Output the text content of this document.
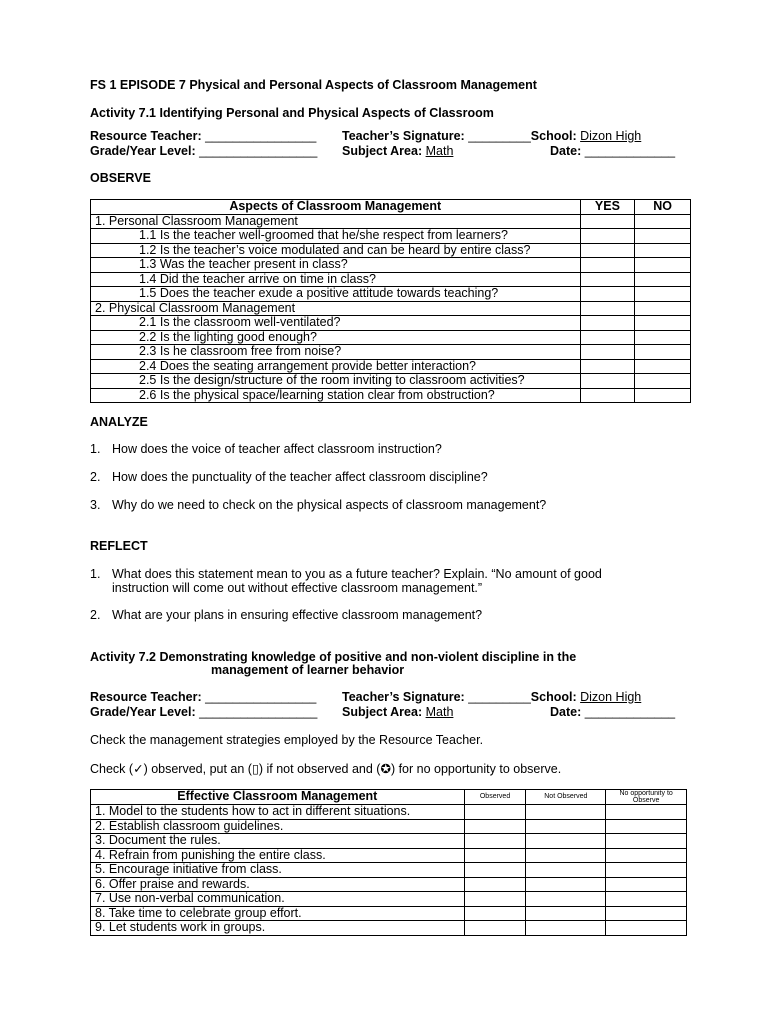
FS 1 EPISODE 7 Physical and Personal Aspects of Classroom Management
Activity 7.1 Identifying Personal and Physical Aspects of Classroom
Resource Teacher: ________________ Teacher’s Signature: _________School: Dizon High
Grade/Year Level: _________________ Subject Area: Math	Date: _____________
OBSERVE
Aspects of Classroom Management	YES	NO
1. Personal Classroom Management		
1.1 Is the teacher well-groomed that he/she respect from learners?		
1.2 Is the teacher’s voice modulated and can be heard by entire class?		
1.3 Was the teacher present in class?		
1.4 Did the teacher arrive on time in class?		
1.5 Does the teacher exude a positive attitude towards teaching?		
2. Physical Classroom Management		
2.1 Is the classroom well-ventilated?		
2.2 Is the lighting good enough?		
2.3 Is he classroom free from noise?		
2.4 Does the seating arrangement provide better interaction?		
2.5 Is the design/structure of the room inviting to classroom activities?		
2.6 Is the physical space/learning station clear from obstruction?		
ANALYZE
1. How does the voice of teacher affect classroom instruction?
2. How does the punctuality of the teacher affect classroom discipline?
3. Why do we need to check on the physical aspects of classroom management?
REFLECT
1. What does this statement mean to you as a future teacher? Explain. “No amount of good
instruction will come out without effective classroom management.”
2. What are your plans in ensuring effective classroom management?
Activity 7.2 Demonstrating knowledge of positive and non-violent discipline in the
management of learner behavior
Resource Teacher: ________________ Teacher’s Signature: _________School: Dizon High
Grade/Year Level: _________________ Subject Area: Math	Date: _____________
Check the management strategies employed by the Resource Teacher.
Check (✓) observed, put an (▯) if not observed and (✪) for no opportunity to observe.
Effective Classroom Management	Observed	Not Observed	No opportunity to Observe
1. Model to the students how to act in different situations.			
2. Establish classroom guidelines.			
3. Document the rules.			
4. Refrain from punishing the entire class.			
5. Encourage initiative from class.			
6. Offer praise and rewards.			
7. Use non-verbal communication.			
8. Take time to celebrate group effort.			
9. Let students work in groups.			
